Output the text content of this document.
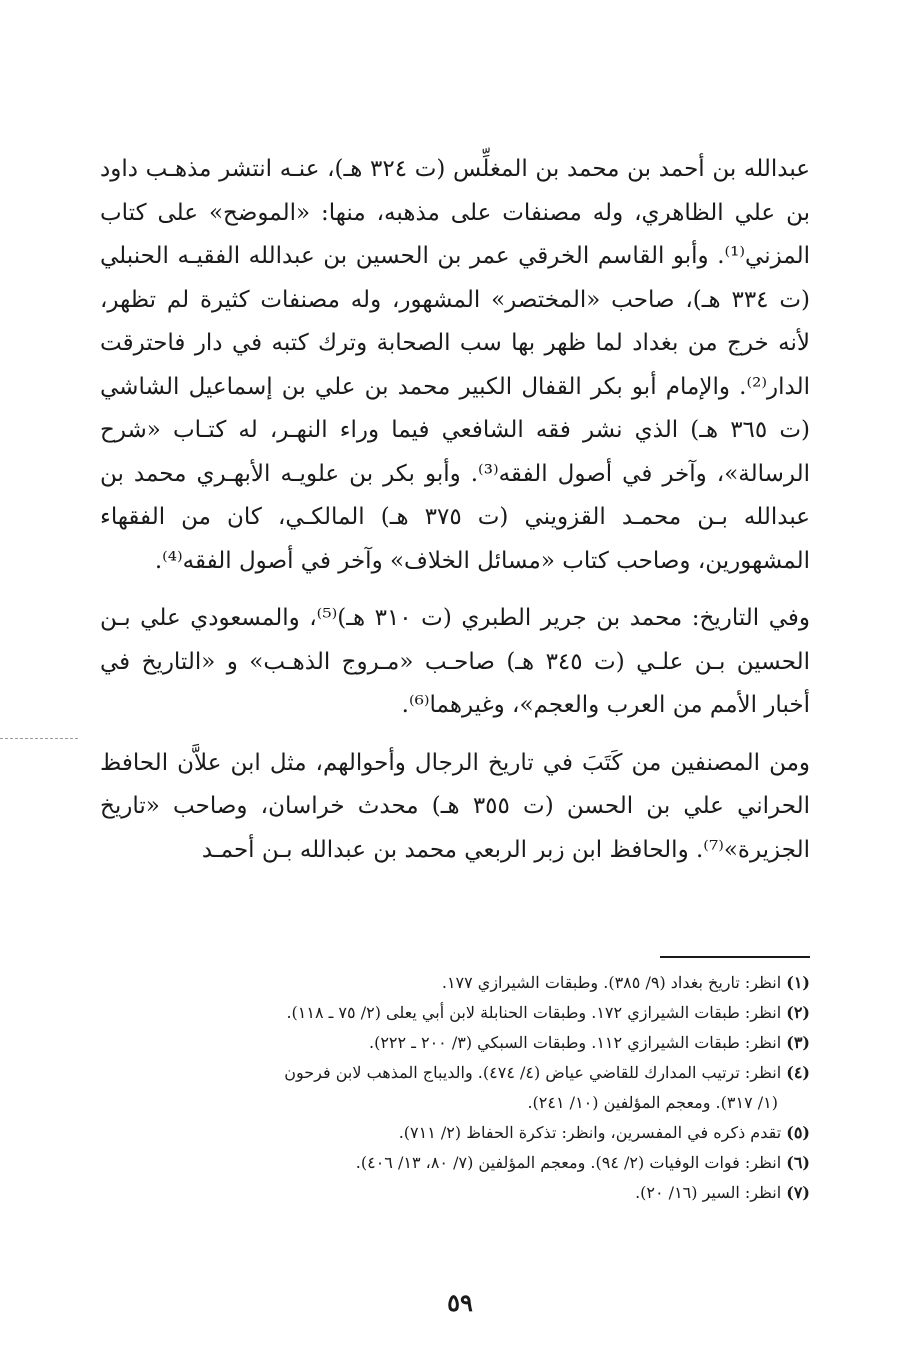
عبدالله بن أحمد بن محمد بن المغلِّس (ت ٣٢٤ هـ)، عنـه انتشر مذهـب داود بن علي الظاهري، وله مصنفات على مذهبه، منها: «الموضح» على كتاب المزني⁽¹⁾. وأبو القاسم الخرقي عمر بن الحسين بن عبدالله الفقيـه الحنبلي (ت ٣٣٤ هـ)، صاحب «المختصر» المشهور، وله مصنفات كثيرة لم تظهر، لأنه خرج من بغداد لما ظهر بها سب الصحابة وترك كتبه في دار فاحترقت الدار⁽²⁾. والإمام أبو بكر القفال الكبير محمد بن علي بن إسماعيل الشاشي (ت ٣٦٥ هـ) الذي نشر فقه الشافعي فيما وراء النهـر، له كتـاب «شرح الرسالة»، وآخر في أصول الفقه⁽³⁾. وأبو بكر بن علويـه الأبهـري محمد بن عبدالله بـن محمـد القزويني (ت ٣٧٥ هـ) المالكـي، كان من الفقهاء المشهورين، وصاحب كتاب «مسائل الخلاف» وآخر في أصول الفقه⁽⁴⁾.

وفي التاريخ: محمد بن جرير الطبري (ت ٣١٠ هـ)⁽⁵⁾، والمسعودي علي بـن الحسين بـن علـي (ت ٣٤٥ هـ) صاحـب «مـروج الذهـب» و «التاريخ في أخبار الأمم من العرب والعجم»، وغيرهما⁽⁶⁾.

ومن المصنفين من كَتَبَ في تاريخ الرجال وأحوالهم، مثل ابن علاَّن الحافظ الحراني علي بن الحسن (ت ٣٥٥ هـ) محدث خراسان، وصاحب «تاريخ الجزيرة»⁽⁷⁾. والحافظ ابن زبر الربعي محمد بن عبدالله بـن أحمـد

(١) انظر: تاريخ بغداد (٩/ ٣٨٥). وطبقات الشيرازي ١٧٧.

(٢) انظر: طبقات الشيرازي ١٧٢. وطبقات الحنابلة لابن أبي يعلى (٢/ ٧٥ ـ ١١٨).

(٣) انظر: طبقات الشيرازي ١١٢. وطبقات السبكي (٣/ ٢٠٠ ـ ٢٢٢).

(٤) انظر: ترتيب المدارك للقاضي عياض (٤/ ٤٧٤). والديباج المذهب لابن فرحون
(١/ ٣١٧). ومعجم المؤلفين (١٠/ ٢٤١).

(٥) تقدم ذكره في المفسرين، وانظر: تذكرة الحفاظ (٢/ ٧١١).

(٦) انظر: فوات الوفيات (٢/ ٩٤). ومعجم المؤلفين (٧/ ٨٠، ١٣/ ٤٠٦).

(٧) انظر: السير (١٦/ ٢٠).

٥٩
